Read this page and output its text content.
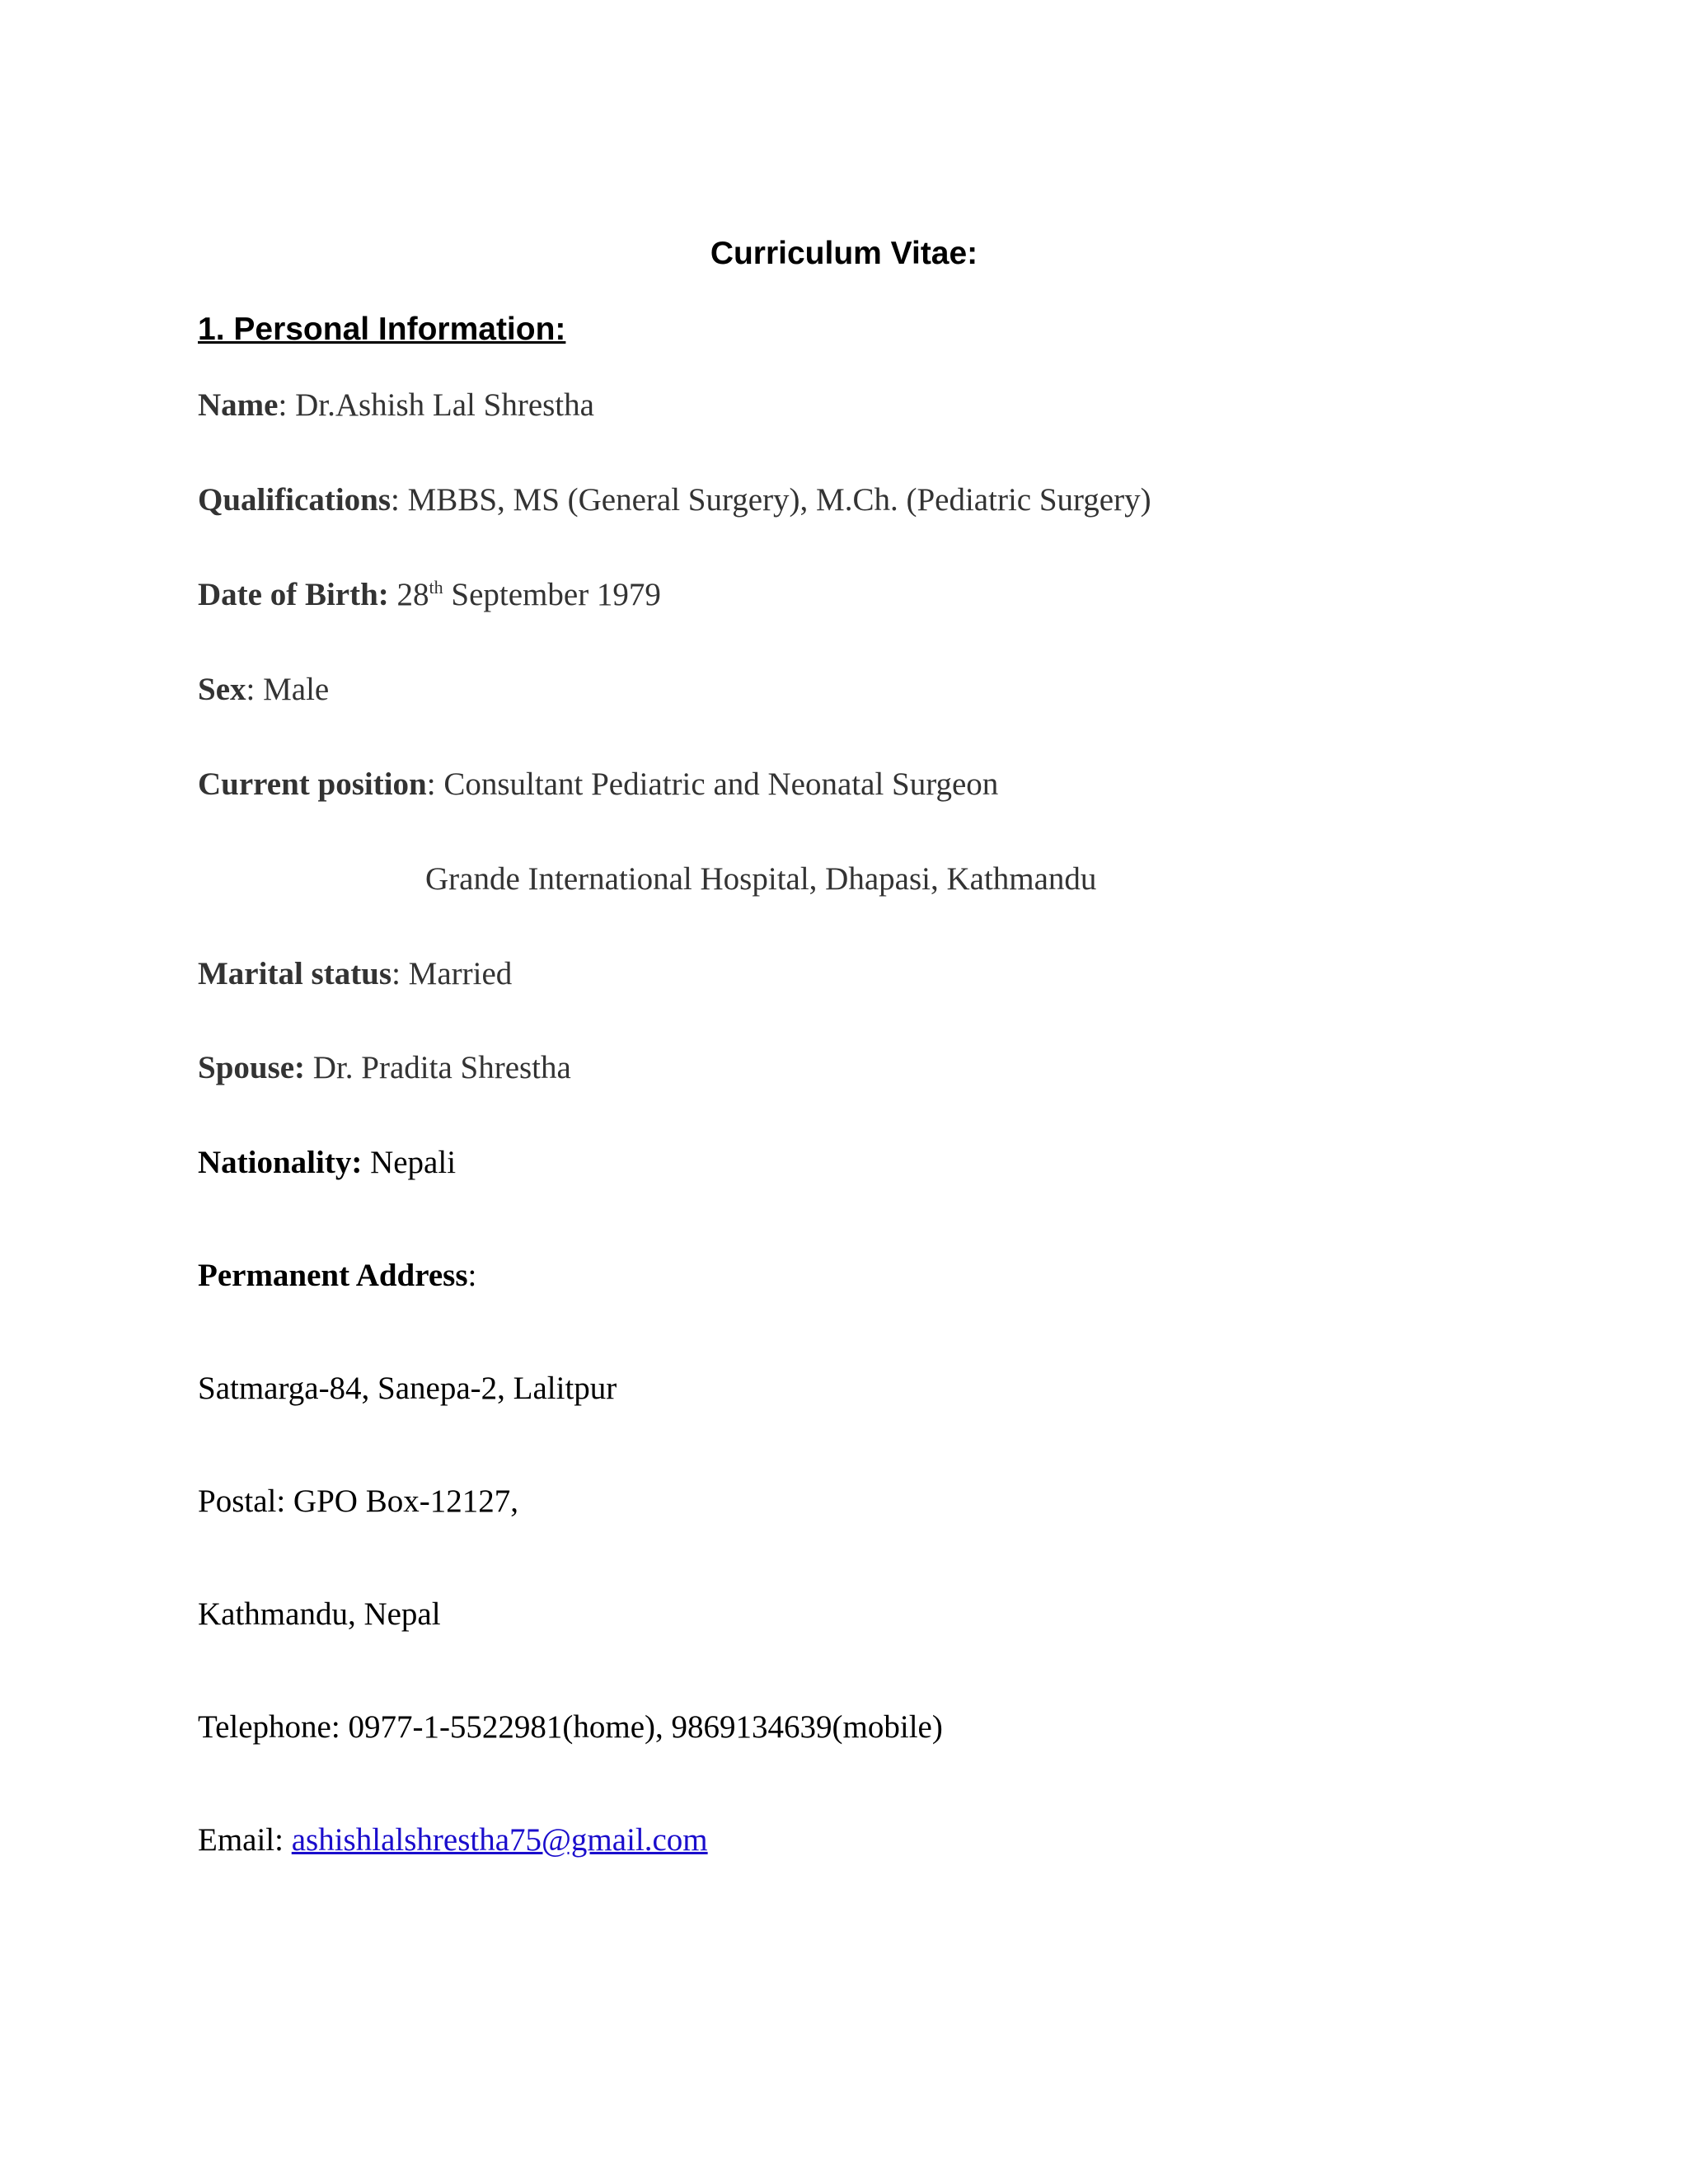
Curriculum Vitae:
1. Personal Information:
Name: Dr.Ashish Lal Shrestha
Qualifications: MBBS, MS (General Surgery), M.Ch. (Pediatric Surgery)
Date of Birth: 28th September 1979
Sex: Male
Current position: Consultant Pediatric and Neonatal Surgeon
Grande International Hospital, Dhapasi, Kathmandu
Marital status: Married
Spouse: Dr. Pradita Shrestha
Nationality: Nepali
Permanent Address:
Satmarga-84, Sanepa-2, Lalitpur
Postal: GPO Box-12127,
Kathmandu, Nepal
Telephone: 0977-1-5522981(home), 9869134639(mobile)
Email: ashishlalshrestha75@gmail.com
